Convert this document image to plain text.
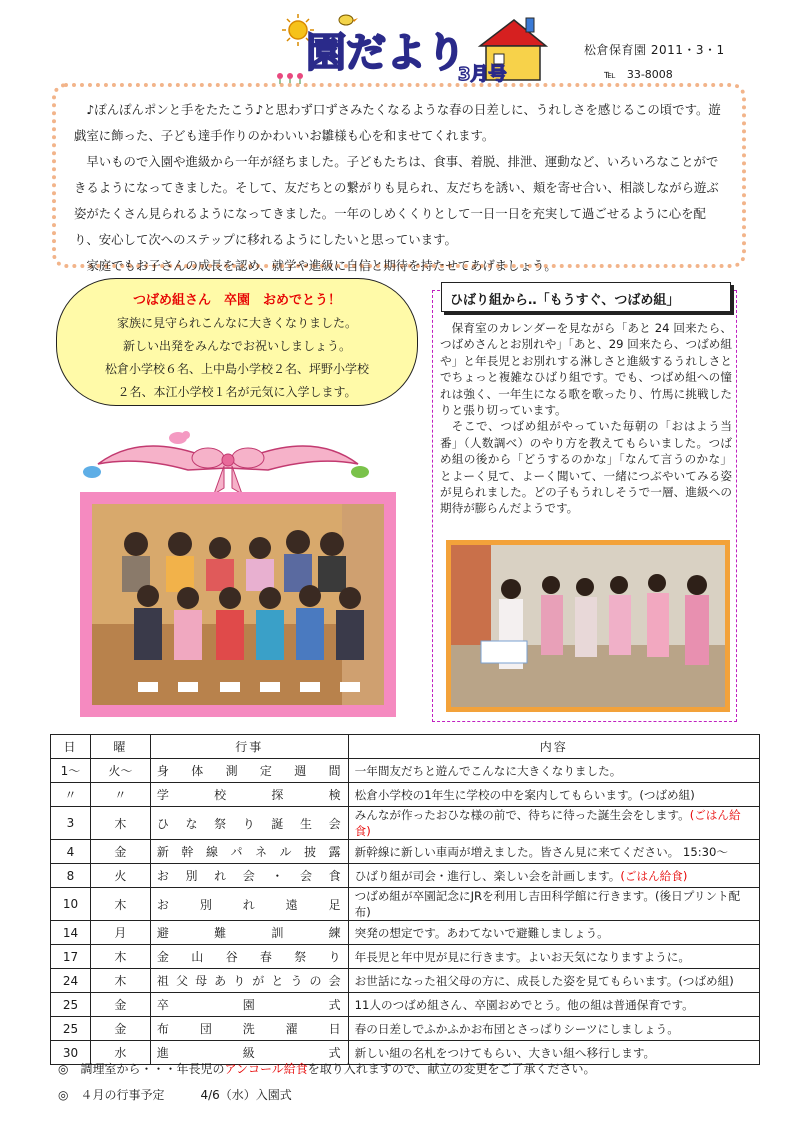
園だより
3月号
松倉保育園 2011・3・1
℡　 33-8008

♪ぽんぽんポンと手をたたこう♪と思わず口ずさみたくなるような春の日差しに、うれしさを感じるこの頃です。遊戯室に飾った、子ども達手作りのかわいいお雛様も心を和ませてくれます。

早いもので入園や進級から一年が経ちました。子どもたちは、食事、着脱、排泄、運動など、いろいろなことができるようになってきました。そして、友だちとの繋がりも見られ、友だちを誘い、頬を寄せ合い、相談しながら遊ぶ姿がたくさん見られるようになってきました。一年のしめくくりとして一日一日を充実して過ごせるように心を配り、安心して次へのステップに移れるようにしたいと思っています。

家庭でもお子さんの成長を認め、就学や進級に自信と期待を持たせてあげましょう。

つばめ組さん　卒園　おめでとう！
家族に見守られこんなに大きくなりました。
新しい出発をみんなでお祝いしましょう。
松倉小学校６名、上中島小学校２名、坪野小学校
２名、本江小学校１名が元気に入学します。
ひばり組から‥「もうすぐ、つばめ組」

保育室のカレンダーを見ながら「あと 24 回来たら、つばめさんとお別れや」「あと、29 回来たら、つばめ組や」と年長児とお別れする淋しさと進級するうれしさとでちょっと複雑なひばり組です。でも、つばめ組への憧れは強く、一年生になる歌を歌ったり、竹馬に挑戦したりと張り切っています。

そこで、つばめ組がやっていた毎朝の「おはよう当番」（人数調べ）のやり方を教えてもらいました。つばめ組の後から「どうするのかな」「なんて言うのかな」とよーく見て、よーく聞いて、一緒につぶやいてみる姿が見られました。どの子もうれしそうで一層、進級への期待が膨らんだようです。

日	曜	行事	内容
1～	火～	身体測定週間	一年間友だちと遊んでこんなに大きくなりました。
〃	〃	学校探検	松倉小学校の1年生に学校の中を案内してもらいます。(つばめ組)
3	木	ひな祭り誕生会	みんなが作ったおひな様の前で、待ちに待った誕生会をします。(ごはん給食)
4	金	新幹線パネル披露	新幹線に新しい車両が増えました。皆さん見に来てください。 15:30～
8	火	お別れ会・会食	ひばり組が司会・進行し、楽しい会を計画します。(ごはん給食)
10	木	お別れ遠足	つばめ組が卒園記念にJRを利用し吉田科学館に行きます。(後日プリント配布)
14	月	避難訓練	突発の想定です。あわてないで避難しましょう。
17	木	金山谷春祭り	年長児と年中児が見に行きます。よいお天気になりますように。
24	木	祖父母ありがとうの会	お世話になった祖父母の方に、成長した姿を見てもらいます。(つばめ組)
25	金	卒園式	11人のつばめ組さん、卒園おめでとう。他の組は普通保育です。
25	金	布団洗濯日	春の日差しでふかふかお布団とさっぱりシーツにしましょう。
30	水	進級式	新しい組の名札をつけてもらい、大きい組へ移行します。
◎　調理室から・・・年長児のアンコール給食を取り入れますので、献立の変更をご了承ください。
◎　４月の行事予定　　　4/6（水）入園式
